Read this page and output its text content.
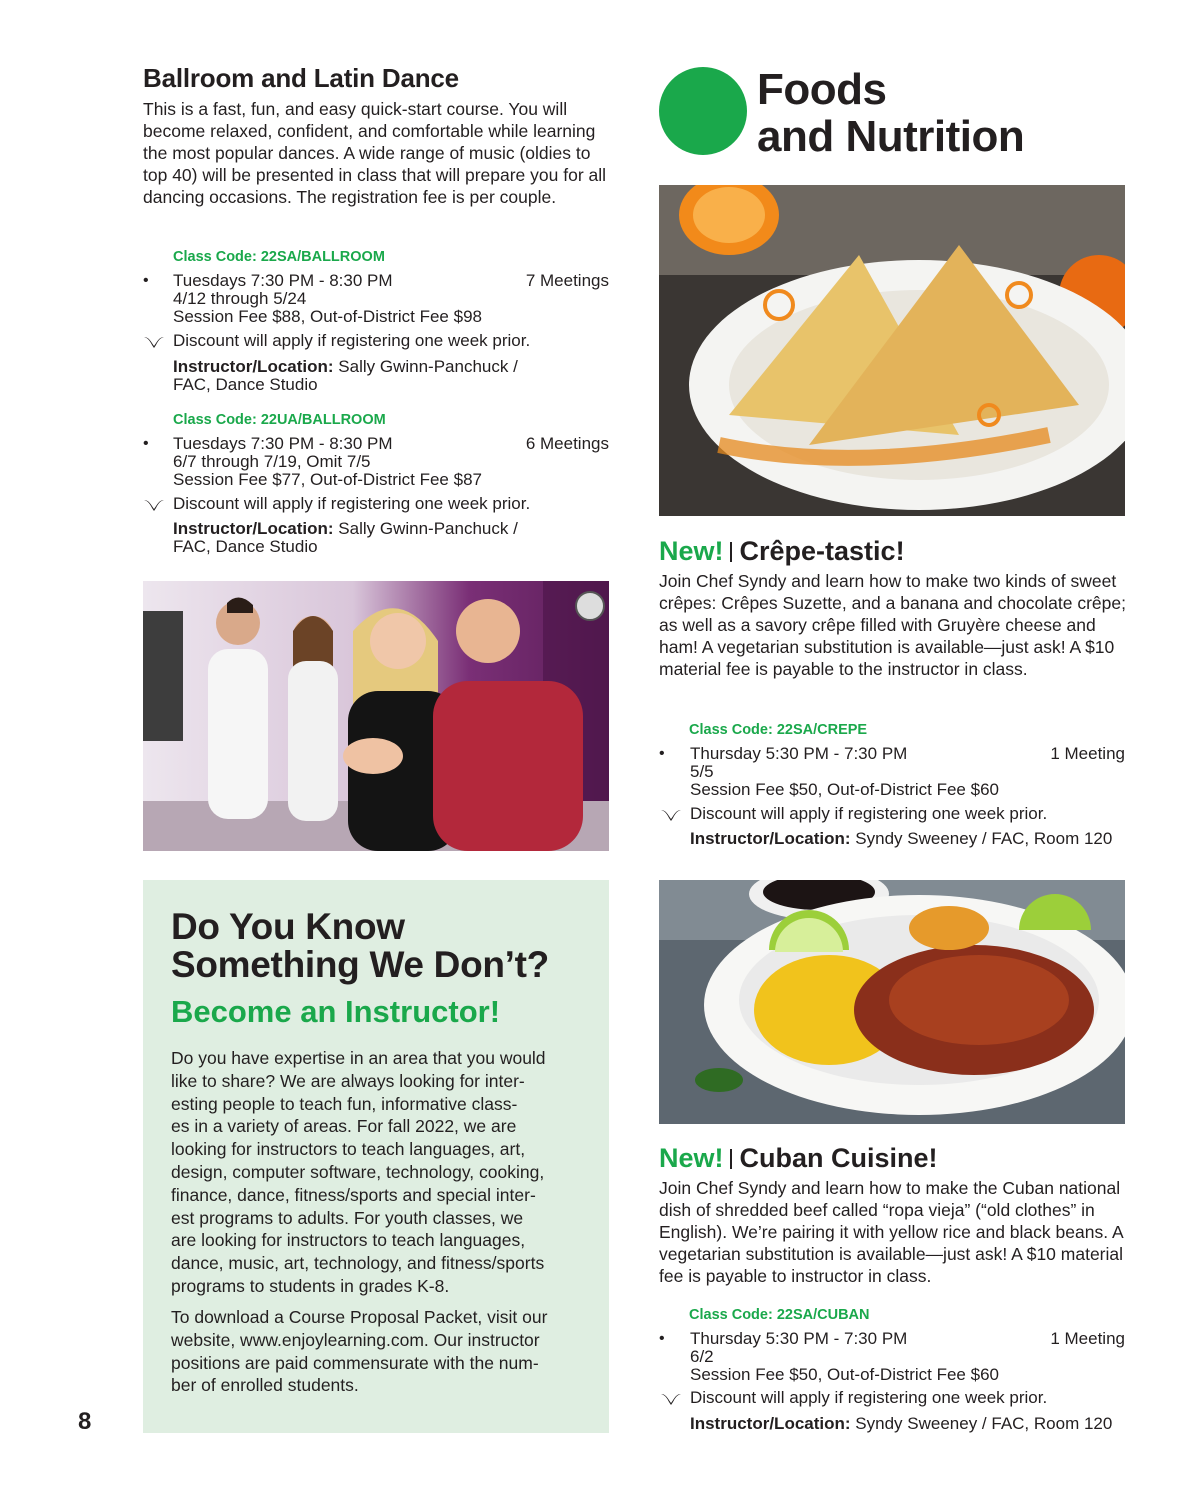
Ballroom and Latin Dance
This is a fast, fun, and easy quick-start course. You will become relaxed, confident, and comfortable while learning the most popular dances. A wide range of music (oldies to top 40) will be presented in class that will prepare you for all dancing occasions. The registration fee is per couple.
Class Code: 22SA/BALLROOM
• Tuesdays 7:30 PM - 8:30 PM
4/12 through 5/24
Session Fee $88, Out-of-District Fee $98
7 Meetings
Discount will apply if registering one week prior.
Instructor/Location: Sally Gwinn-Panchuck /
FAC, Dance Studio
Class Code: 22UA/BALLROOM
• Tuesdays 7:30 PM - 8:30 PM
6/7 through 7/19, Omit 7/5
Session Fee $77, Out-of-District Fee $87
6 Meetings
Discount will apply if registering one week prior.
Instructor/Location: Sally Gwinn-Panchuck /
FAC, Dance Studio
Do You Know
Something We Don’t?
Become an Instructor!
Do you have expertise in an area that you would
like to share? We are always looking for inter-
esting people to teach fun, informative class-
es in a variety of areas. For fall 2022, we are
looking for instructors to teach languages, art,
design, computer software, technology, cooking,
finance, dance, fitness/sports and special inter-
est programs to adults. For youth classes, we
are looking for instructors to teach languages,
dance, music, art, technology, and fitness/sports
programs to students in grades K-8.
To download a Course Proposal Packet, visit our
website, www.enjoylearning.com. Our instructor
positions are paid commensurate with the num-
ber of enrolled students.
8
Foods
and Nutrition
New! Crêpe-tastic!
Join Chef Syndy and learn how to make two kinds of sweet crêpes: Crêpes Suzette, and a banana and chocolate crêpe; as well as a savory crêpe filled with Gruyère cheese and ham! A vegetarian substitution is available—just ask! A $10 material fee is payable to the instructor in class.
Class Code: 22SA/CREPE
• Thursday 5:30 PM - 7:30 PM
5/5
Session Fee $50, Out-of-District Fee $60
1 Meeting
Discount will apply if registering one week prior.
Instructor/Location: Syndy Sweeney / FAC, Room 120
New! Cuban Cuisine!
Join Chef Syndy and learn how to make the Cuban national dish of shredded beef called “ropa vieja” (“old clothes” in English). We’re pairing it with yellow rice and black beans. A vegetarian substitution is available—just ask! A $10 material fee is payable to instructor in class.
Class Code: 22SA/CUBAN
• Thursday 5:30 PM - 7:30 PM
6/2
Session Fee $50, Out-of-District Fee $60
1 Meeting
Discount will apply if registering one week prior.
Instructor/Location: Syndy Sweeney / FAC, Room 120
